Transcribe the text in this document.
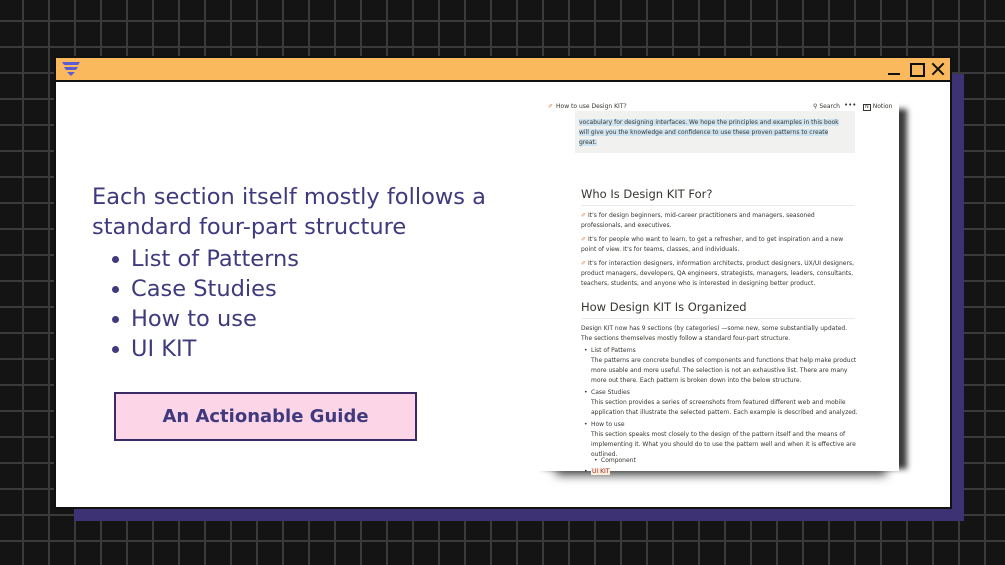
Each section itself mostly follows a standard four-part structure
List of Patterns
Case Studies
How to use
UI KIT
An Actionable Guide
✐ How to use Design KIT?	⚲ Search •••	N Notion
vocabulary for designing interfaces. We hope the principles and examples in this book will give you the knowledge and confidence to use these proven patterns to create great.
Who Is Design KIT For?
✐ It's for design beginners, mid-career practitioners and managers, seasoned professionals, and executives.
✐ It's for people who want to learn, to get a refresher, and to get inspiration and a new point of view. It's for teams, classes, and individuals.
✐ It's for interaction designers, information architects, product designers, UX/UI designers, product managers, developers, QA engineers, strategists, managers, leaders, consultants, teachers, students, and anyone who is interested in designing better product.
How Design KIT Is Organized
Design KIT now has 9 sections (by categories) —some new, some substantially updated. The sections themselves mostly follow a standard four-part structure.
• List of Patterns
The patterns are concrete bundles of components and functions that help make product more usable and more useful. The selection is not an exhaustive list. There are many more out there. Each pattern is broken down into the below structure.
• Case Studies
This section provides a series of screenshots from featured different web and mobile application that illustrate the selected pattern. Each example is described and analyzed.
• How to use
This section speaks most closely to the design of the pattern itself and the means of implementing it. What you should do to use the pattern well and when it is effective are outlined.
• Component
• UI KIT
